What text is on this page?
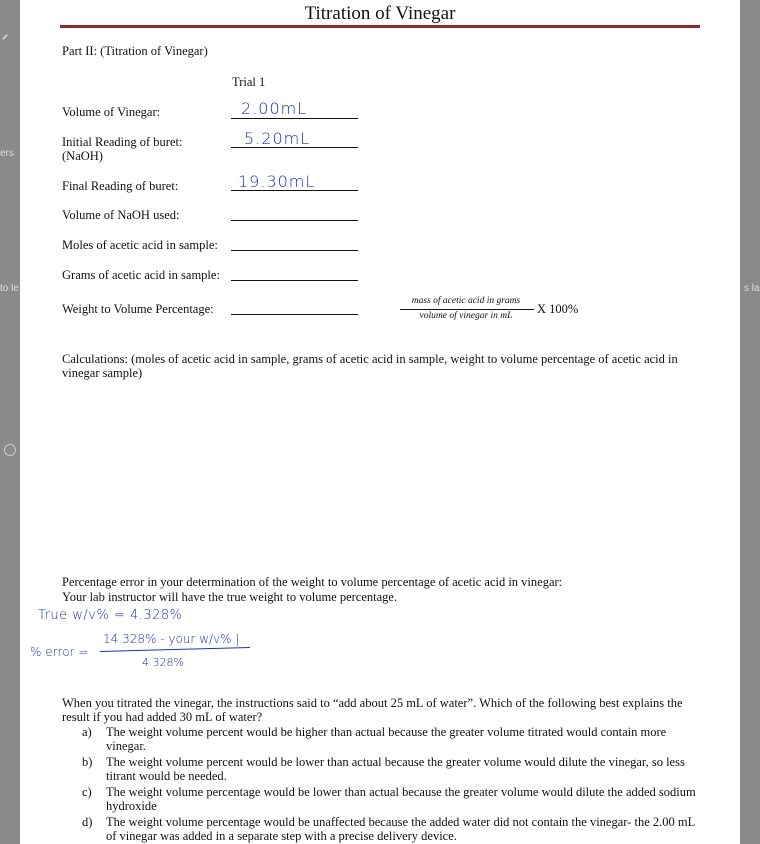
ers
to le	s la
Titration of Vinegar
Part II: (Titration of Vinegar)
Trial 1
Volume of Vinegar:	2.00mL
Initial Reading of buret:
(NaOH)
5.20mL
Final Reading of buret:	19.30mL
Volume of NaOH used:
Moles of acetic acid in sample:
Grams of acetic acid in sample:
Weight to Volume Percentage:
mass of acetic acid in grams
volume of vinegar in mL	X 100%
Calculations: (moles of acetic acid in sample, grams of acetic acid in sample, weight to volume percentage of acetic acid in vinegar sample)
Percentage error in your determination of the weight to volume percentage of acetic acid in vinegar:
Your lab instructor will have the true weight to volume percentage.
True w/v% = 4.328%
14.328% - your w/v% |
% error =
4.328%
When you titrated the vinegar, the instructions said to “add about 25 mL of water”. Which of the following best explains the result if you had added 30 mL of water?
a) The weight volume percent would be higher than actual because the greater volume titrated would contain more vinegar.
b) The weight volume percent would be lower than actual because the greater volume would dilute the vinegar, so less titrant would be needed.
c) The weight volume percentage would be lower than actual because the greater volume would dilute the added sodium hydroxide
d) The weight volume percentage would be unaffected because the added water did not contain the vinegar- the 2.00 mL of vinegar was added in a separate step with a precise delivery device.
